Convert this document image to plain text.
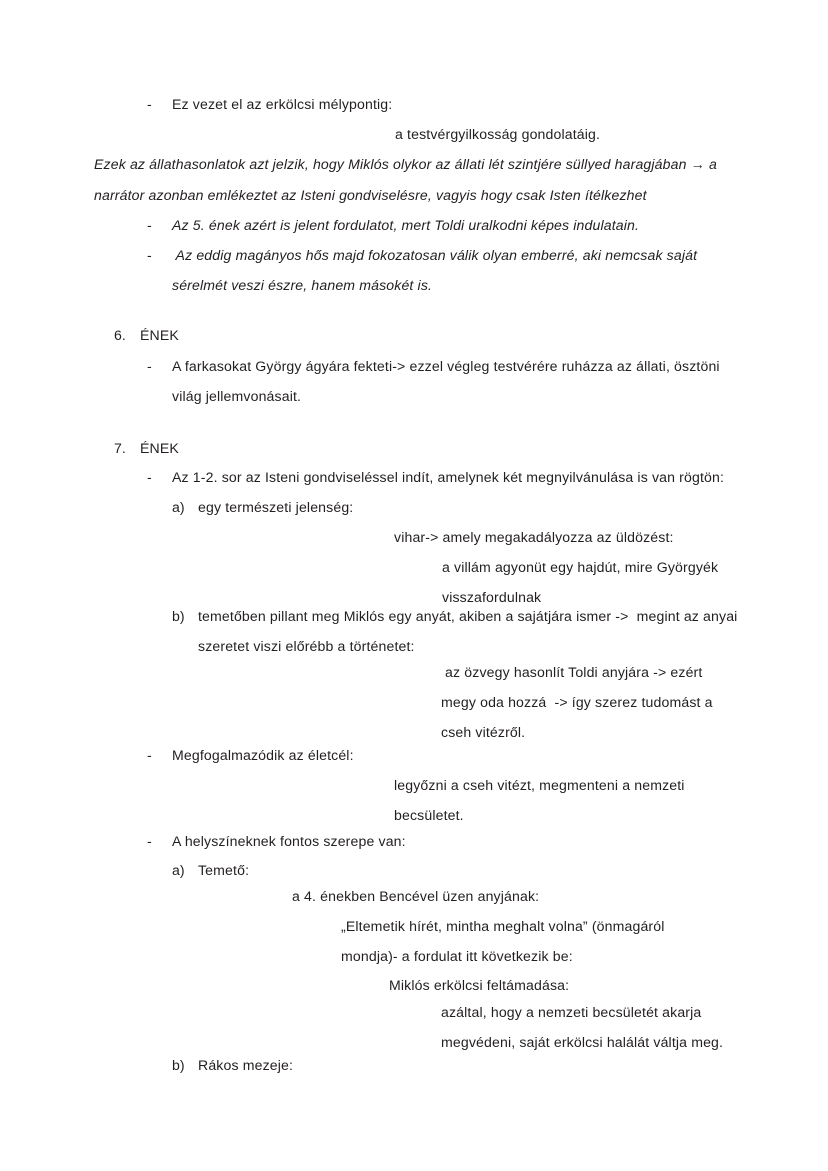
- Ez vezet el az erkölcsi mélypontig:
a testvérgyilkosság gondolatáig.
Ezek az állathasonlatok azt jelzik, hogy Miklós olykor az állati lét szintjére süllyed haragjában → a
narrátor azonban emlékeztet az Isteni gondviselésre, vagyis hogy csak Isten ítélkezhet
- Az 5. ének azért is jelent fordulatot, mert Toldi uralkodni képes indulatain.
- Az eddig magányos hős majd fokozatosan válik olyan emberré, aki nemcsak saját
sérelmét veszi észre, hanem másokét is.
6. ÉNEK
- A farkasokat György ágyára fekteti-> ezzel végleg testvérére ruházza az állati, ösztöni
világ jellemvonásait.
7. ÉNEK
- Az 1-2. sor az Isteni gondviseléssel indít, amelynek két megnyilvánulása is van rögtön:
a) egy természeti jelenség:
vihar-> amely megakadályozza az üldözést:
a villám agyonüt egy hajdút, mire Györgyék
visszafordulnak
b) temetőben pillant meg Miklós egy anyát, akiben a sajátjára ismer ->  megint az anyai
szeretet viszi előrébb a történetet:
az özvegy hasonlít Toldi anyjára -> ezért
megy oda hozzá  -> így szerez tudomást a
cseh vitézről.
- Megfogalmazódik az életcél:
legyőzni a cseh vitézt, megmenteni a nemzeti
becsületet.
- A helyszíneknek fontos szerepe van:
a) Temető:
a 4. énekben Bencével üzen anyjának:
„Eltemetik hírét, mintha meghalt volna” (önmagáról
mondja)- a fordulat itt következik be:
Miklós erkölcsi feltámadása:
azáltal, hogy a nemzeti becsületét akarja
megvédeni, saját erkölcsi halálát váltja meg.
b) Rákos mezeje:
